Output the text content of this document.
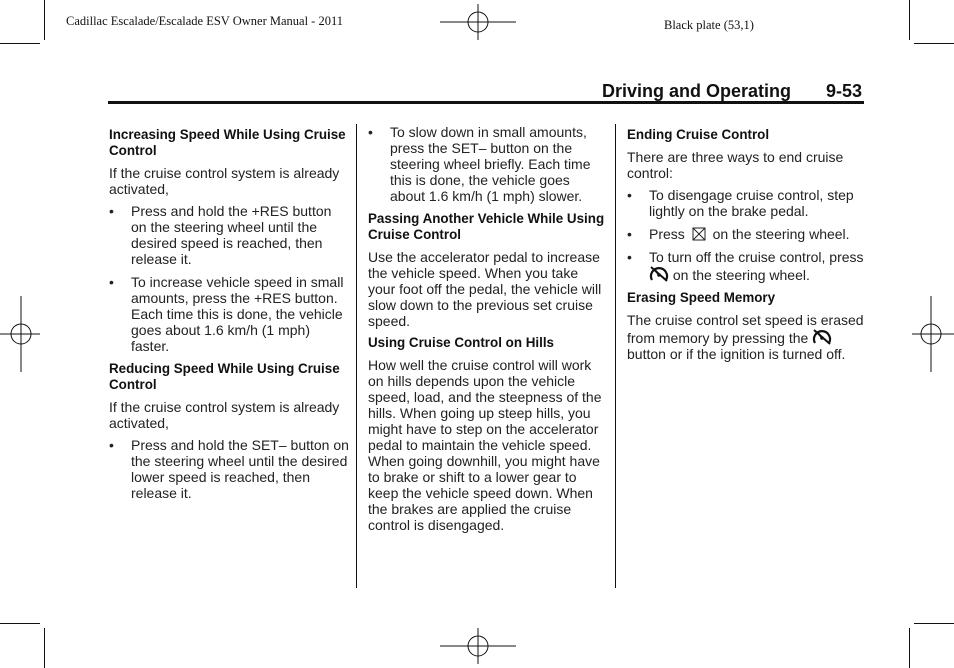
Cadillac Escalade/Escalade ESV Owner Manual - 2011	Black plate (53,1)
Driving and Operating 9-53
Increasing Speed While Using Cruise Control

If the cruise control system is already activated,

• Press and hold the +RES button on the steering wheel until the desired speed is reached, then release it.
• To increase vehicle speed in small amounts, press the +RES button. Each time this is done, the vehicle goes about 1.6 km/h (1 mph) faster.
Reducing Speed While Using Cruise Control

If the cruise control system is already activated,

• Press and hold the SET– button on the steering wheel until the desired lower speed is reached, then release it.
• To slow down in small amounts, press the SET– button on the steering wheel briefly. Each time this is done, the vehicle goes about 1.6 km/h (1 mph) slower.
Passing Another Vehicle While Using Cruise Control

Use the accelerator pedal to increase the vehicle speed. When you take your foot off the pedal, the vehicle will slow down to the previous set cruise speed.

Using Cruise Control on Hills

How well the cruise control will work on hills depends upon the vehicle speed, load, and the steepness of the hills. When going up steep hills, you might have to step on the accelerator pedal to maintain the vehicle speed. When going downhill, you might have to brake or shift to a lower gear to keep the vehicle speed down. When the brakes are applied the cruise control is disengaged.

Ending Cruise Control

There are three ways to end cruise control:

• To disengage cruise control, step lightly on the brake pedal.
• Press on the steering wheel.
• To turn off the cruise control, press  on the steering wheel.
Erasing Speed Memory

The cruise control set speed is erased from memory by pressing the  button or if the ignition is turned off.
